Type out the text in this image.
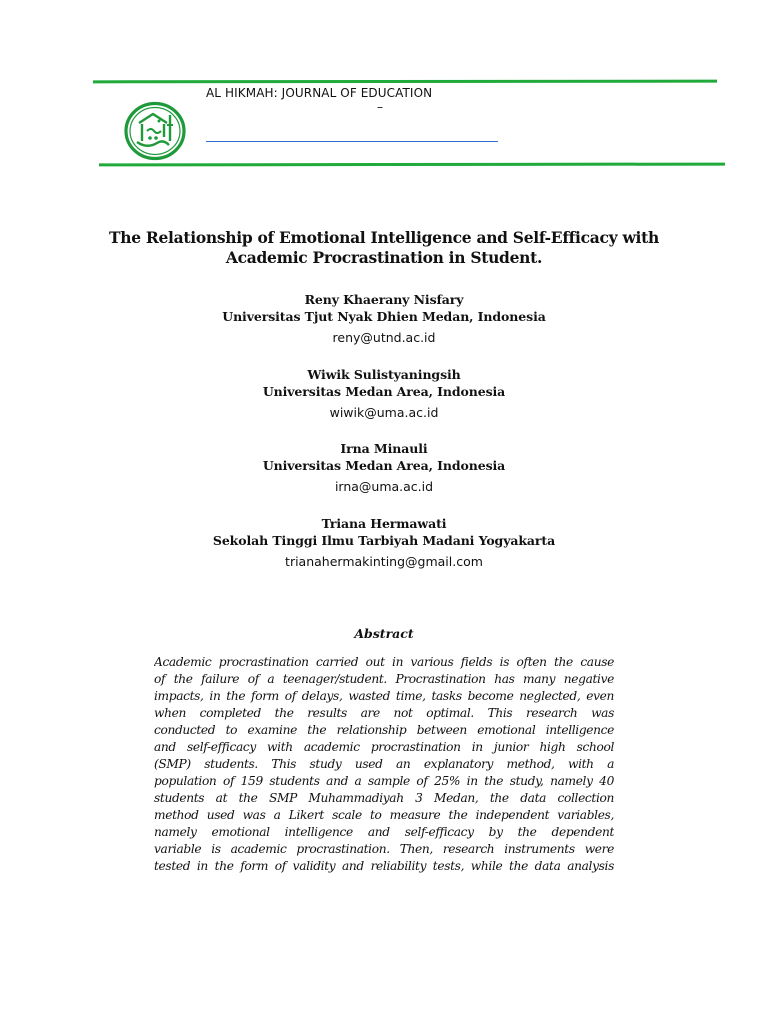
AL HIKMAH: JOURNAL OF EDUCATION
–
The Relationship of Emotional Intelligence and Self-Efficacy with
Academic Procrastination in Student.
Reny Khaerany Nisfary
Universitas Tjut Nyak Dhien Medan, Indonesia
reny@utnd.ac.id
Wiwik Sulistyaningsih
Universitas Medan Area, Indonesia
wiwik@uma.ac.id
Irna Minauli
Universitas Medan Area, Indonesia
irna@uma.ac.id
Triana Hermawati
Sekolah Tinggi Ilmu Tarbiyah Madani Yogyakarta
trianahermakinting@gmail.com
Abstract
Academic procrastination carried out in various fields is often the cause
of the failure of a teenager/student. Procrastination has many negative
impacts, in the form of delays, wasted time, tasks become neglected, even
when completed the results are not optimal. This research was
conducted to examine the relationship between emotional intelligence
and self-efficacy with academic procrastination in junior high school
(SMP) students. This study used an explanatory method, with a
population of 159 students and a sample of 25% in the study, namely 40
students at the SMP Muhammadiyah 3 Medan, the data collection
method used was a Likert scale to measure the independent variables,
namely emotional intelligence and self-efficacy by the dependent
variable is academic procrastination. Then, research instruments were
tested in the form of validity and reliability tests, while the data analysis
